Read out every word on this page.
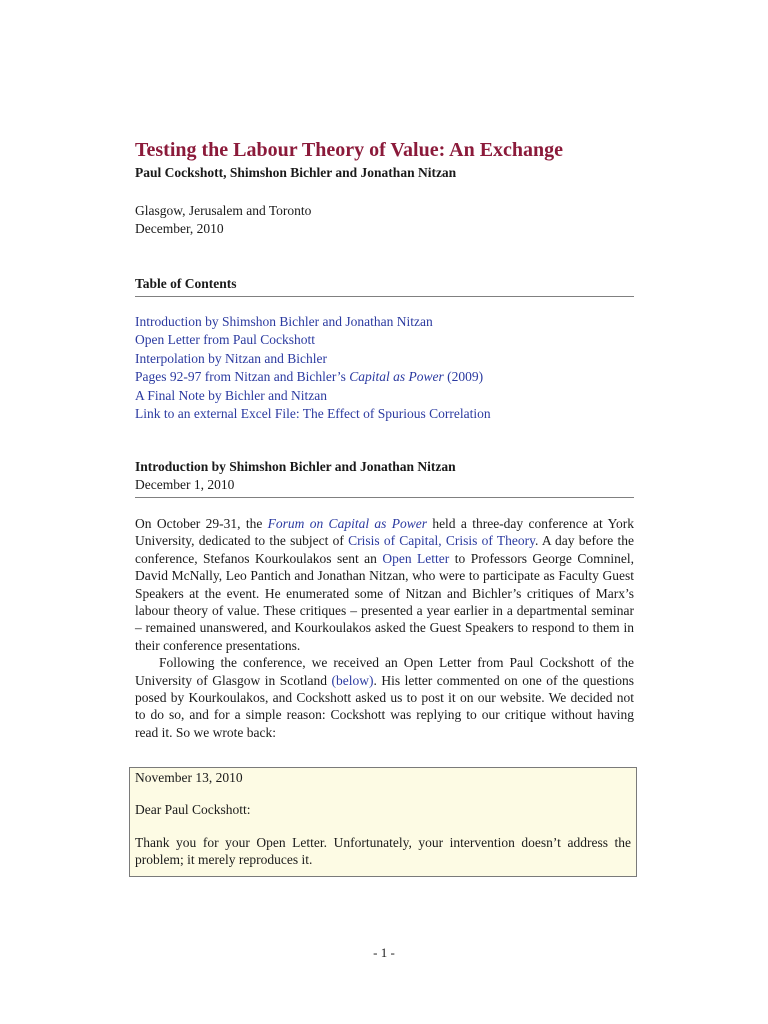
Testing the Labour Theory of Value: An Exchange
Paul Cockshott, Shimshon Bichler and Jonathan Nitzan
Glasgow, Jerusalem and Toronto
December, 2010
Table of Contents
Introduction by Shimshon Bichler and Jonathan Nitzan
Open Letter from Paul Cockshott
Interpolation by Nitzan and Bichler
Pages 92-97 from Nitzan and Bichler’s Capital as Power (2009)
A Final Note by Bichler and Nitzan
Link to an external Excel File: The Effect of Spurious Correlation
Introduction by Shimshon Bichler and Jonathan Nitzan
December 1, 2010

On October 29-31, the Forum on Capital as Power held a three-day conference at York University, dedicated to the subject of Crisis of Capital, Crisis of Theory. A day before the conference, Stefanos Kourkoulakos sent an Open Letter to Professors George Comninel, David McNally, Leo Pantich and Jonathan Nitzan, who were to participate as Faculty Guest Speakers at the event. He enumerated some of Nitzan and Bichler’s critiques of Marx’s labour theory of value. These critiques – presented a year earlier in a departmental seminar – remained unanswered, and Kourkoulakos asked the Guest Speakers to respond to them in their conference presentations.

Following the conference, we received an Open Letter from Paul Cockshott of the University of Glasgow in Scotland (below). His letter commented on one of the questions posed by Kourkoulakos, and Cockshott asked us to post it on our website. We decided not to do so, and for a simple reason: Cockshott was replying to our critique without having read it. So we wrote back:

November 13, 2010

Dear Paul Cockshott:

Thank you for your Open Letter. Unfortunately, your intervention doesn’t address the problem; it merely reproduces it.

- 1 -
